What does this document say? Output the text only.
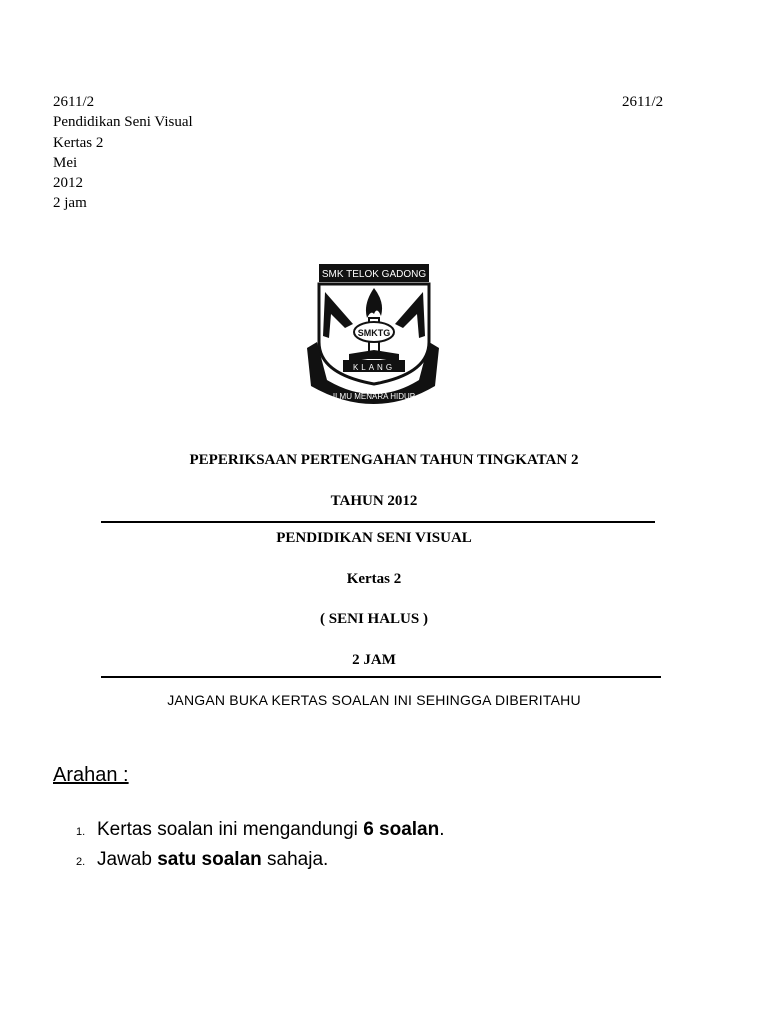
2611/2
Pendidikan Seni Visual
Kertas 2
Mei
2012
2 jam
2611/2
SMK TELOK GADONG
SMKTG
KLANG
ILMU MENARA HIDUP
PEPERIKSAAN PERTENGAHAN TAHUN TINGKATAN 2
TAHUN 2012
PENDIDIKAN SENI VISUAL
Kertas 2
( SENI HALUS )
2 JAM
JANGAN BUKA KERTAS SOALAN INI SEHINGGA DIBERITAHU
Arahan :
1. Kertas soalan ini mengandungi 6 soalan.
2. Jawab satu soalan sahaja.
